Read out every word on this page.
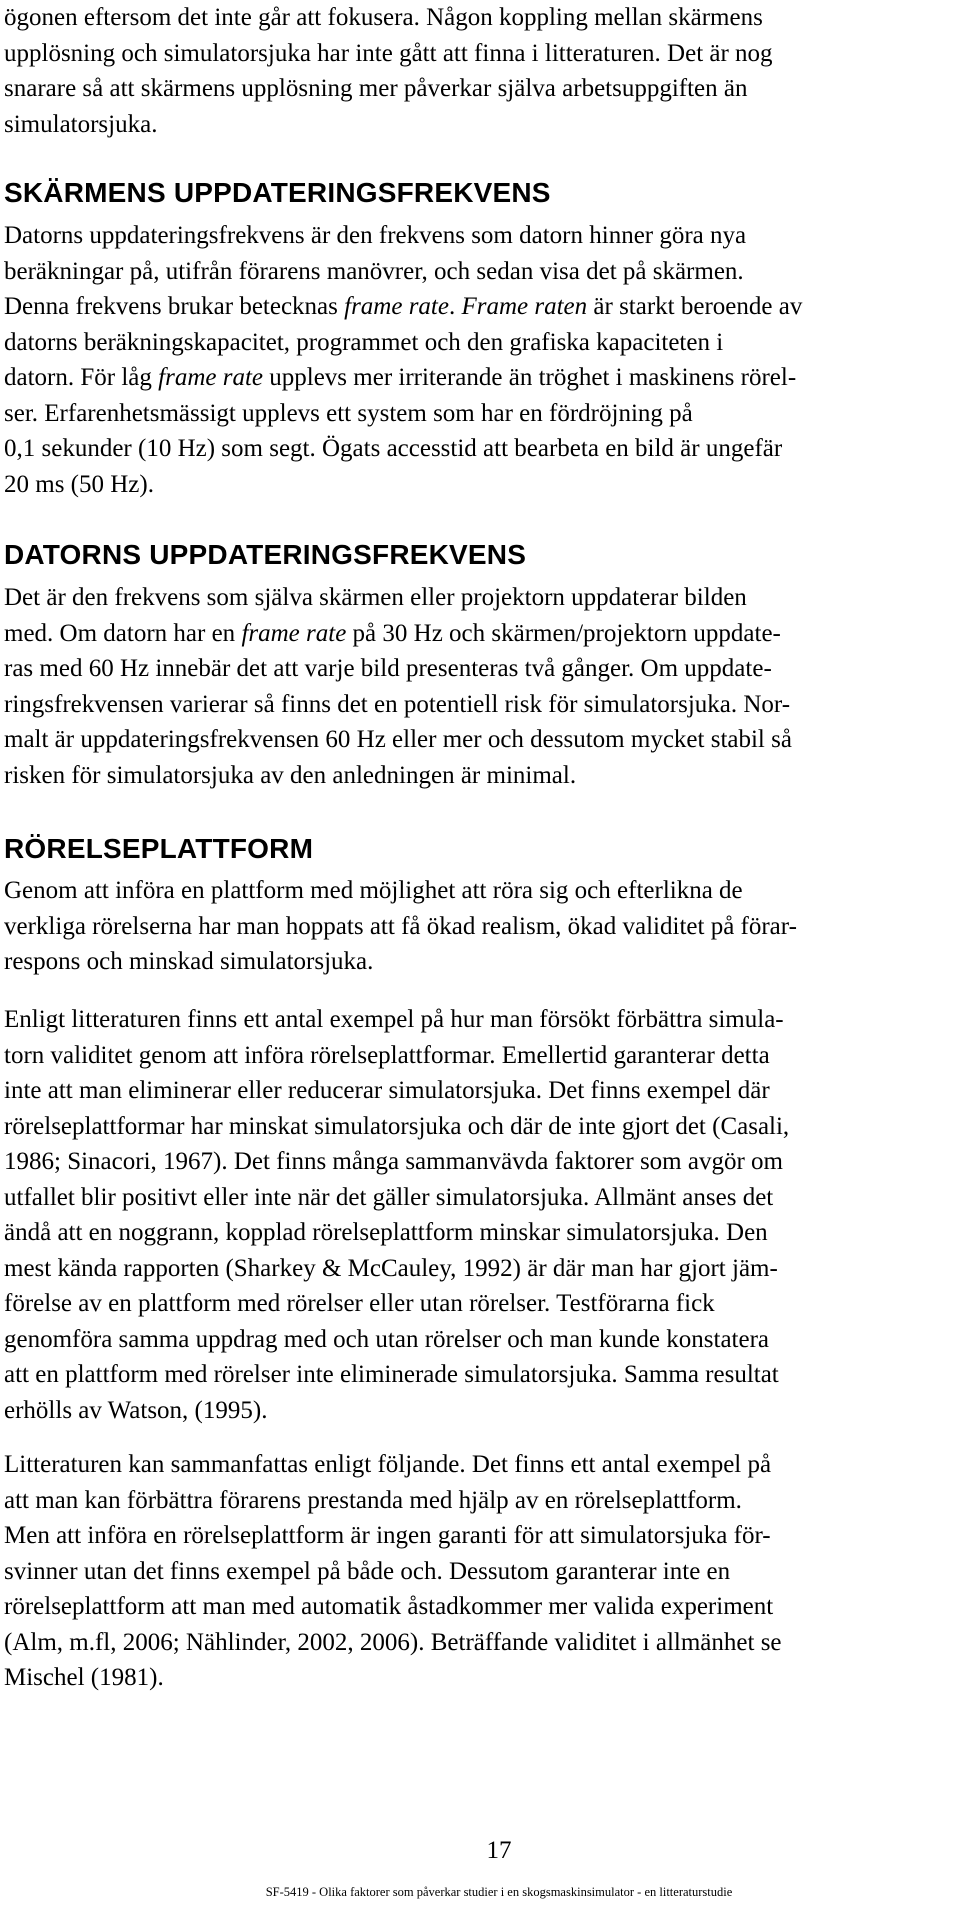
ögonen eftersom det inte går att fokusera. Någon koppling mellan skärmens
upplösning och simulatorsjuka har inte gått att finna i litteraturen. Det är nog
snarare så att skärmens upplösning mer påverkar själva arbetsuppgiften än
simulatorsjuka.
SKÄRMENS UPPDATERINGSFREKVENS
Datorns uppdateringsfrekvens är den frekvens som datorn hinner göra nya
beräkningar på, utifrån förarens manövrer, och sedan visa det på skärmen.
Denna frekvens brukar betecknas frame rate. Frame raten är starkt beroende av
datorns beräkningskapacitet, programmet och den grafiska kapaciteten i
datorn. För låg frame rate upplevs mer irriterande än tröghet i maskinens rörel-
ser. Erfarenhetsmässigt upplevs ett system som har en fördröjning på
0,1 sekunder (10 Hz) som segt. Ögats accesstid att bearbeta en bild är ungefär
20 ms (50 Hz).
DATORNS UPPDATERINGSFREKVENS
Det är den frekvens som själva skärmen eller projektorn uppdaterar bilden
med. Om datorn har en frame rate på 30 Hz och skärmen/projektorn uppdate-
ras med 60 Hz innebär det att varje bild presenteras två gånger. Om uppdate-
ringsfrekvensen varierar så finns det en potentiell risk för simulatorsjuka. Nor-
malt är uppdateringsfrekvensen 60 Hz eller mer och dessutom mycket stabil så
risken för simulatorsjuka av den anledningen är minimal.
RÖRELSEPLATTFORM
Genom att införa en plattform med möjlighet att röra sig och efterlikna de
verkliga rörelserna har man hoppats att få ökad realism, ökad validitet på förar-
respons och minskad simulatorsjuka.
Enligt litteraturen finns ett antal exempel på hur man försökt förbättra simula-
torn validitet genom att införa rörelseplattformar. Emellertid garanterar detta
inte att man eliminerar eller reducerar simulatorsjuka. Det finns exempel där
rörelseplattformar har minskat simulatorsjuka och där de inte gjort det (Casali,
1986; Sinacori, 1967). Det finns många sammanvävda faktorer som avgör om
utfallet blir positivt eller inte när det gäller simulatorsjuka. Allmänt anses det
ändå att en noggrann, kopplad rörelseplattform minskar simulatorsjuka. Den
mest kända rapporten (Sharkey & McCauley, 1992) är där man har gjort jäm-
förelse av en plattform med rörelser eller utan rörelser. Testförarna fick
genomföra samma uppdrag med och utan rörelser och man kunde konstatera
att en plattform med rörelser inte eliminerade simulatorsjuka. Samma resultat
erhölls av Watson, (1995).
Litteraturen kan sammanfattas enligt följande. Det finns ett antal exempel på
att man kan förbättra förarens prestanda med hjälp av en rörelseplattform.
Men att införa en rörelseplattform är ingen garanti för att simulatorsjuka för-
svinner utan det finns exempel på både och. Dessutom garanterar inte en
rörelseplattform att man med automatik åstadkommer mer valida experiment
(Alm, m.fl, 2006; Nählinder, 2002, 2006). Beträffande validitet i allmänhet se
Mischel (1981).
17
SF-5419 - Olika faktorer som påverkar studier i en skogsmaskinsimulator - en litteraturstudie
